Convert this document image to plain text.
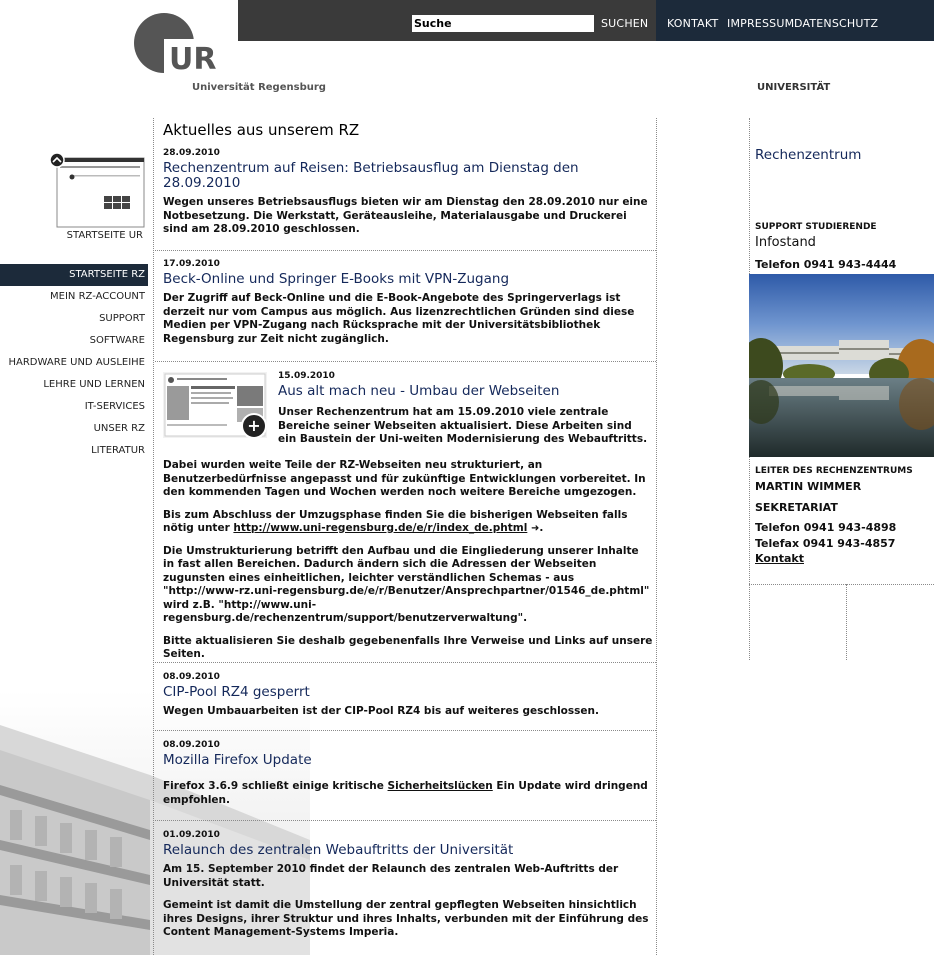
Suche
SUCHEN KONTAKT IMPRESSUM DATENSCHUTZ
UR
Universität Regensburg	UNIVERSITÄT
STARTSEITE UR
STARTSEITE RZ
MEIN RZ-ACCOUNT
SUPPORT
SOFTWARE
HARDWARE UND AUSLEIHE
LEHRE UND LERNEN
IT-SERVICES
UNSER RZ
LITERATUR
Aktuelles aus unserem RZ
28.09.2010
Rechenzentrum auf Reisen: Betriebsausflug am Dienstag den 28.09.2010
Wegen unseres Betriebsausflugs bieten wir am Dienstag den 28.09.2010 nur eine Notbesetzung. Die Werkstatt, Geräteausleihe, Materialausgabe und Druckerei sind am 28.09.2010 geschlossen.
17.09.2010
Beck-Online und Springer E-Books mit VPN-Zugang
Der Zugriff auf Beck-Online und die E-Book-Angebote des Springerverlags ist derzeit nur vom Campus aus möglich. Aus lizenzrechtlichen Gründen sind diese Medien per VPN-Zugang nach Rücksprache mit der Universitätsbibliothek Regensburg zur Zeit nicht zugänglich.
+
15.09.2010
Aus alt mach neu - Umbau der Webseiten
Unser Rechenzentrum hat am 15.09.2010 viele zentrale Bereiche seiner Webseiten aktualisiert. Diese Arbeiten sind ein Baustein der Uni-weiten Modernisierung des Webauftritts.
Dabei wurden weite Teile der RZ-Webseiten neu strukturiert, an Benutzerbedürfnisse angepasst und für zukünftige Entwicklungen vorbereitet. In den kommenden Tagen und Wochen werden noch weitere Bereiche umgezogen.
Bis zum Abschluss der Umzugsphase finden Sie die bisherigen Webseiten falls nötig unter http://www.uni-regensburg.de/e/r/index_de.phtml ➜.
Die Umstrukturierung betrifft den Aufbau und die Eingliederung unserer Inhalte in fast allen Bereichen. Dadurch ändern sich die Adressen der Webseiten zugunsten eines einheitlichen, leichter verständlichen Schemas - aus "http://www-rz.uni-regensburg.de/e/r/Benutzer/Ansprechpartner/01546_de.phtml" wird z.B. "http://www.uni-regensburg.de/rechenzentrum/support/benutzerverwaltung".
Bitte aktualisieren Sie deshalb gegebenenfalls Ihre Verweise und Links auf unsere Seiten.
08.09.2010
CIP-Pool RZ4 gesperrt
Wegen Umbauarbeiten ist der CIP-Pool RZ4 bis auf weiteres geschlossen.
08.09.2010
Mozilla Firefox Update
Firefox 3.6.9 schließt einige kritische Sicherheitslücken Ein Update wird dringend empfohlen.
01.09.2010
Relaunch des zentralen Webauftritts der Universität
Am 15. September 2010 findet der Relaunch des zentralen Web-Auftritts der Universität statt.
Gemeint ist damit die Umstellung der zentral gepflegten Webseiten hinsichtlich ihres Designs, ihrer Struktur und ihres Inhalts, verbunden mit der Einführung des Content Management-Systems Imperia.
Rechenzentrum
SUPPORT STUDIERENDE
Infostand
Telefon 0941 943-4444
LEITER DES RECHENZENTRUMS
MARTIN WIMMER
SEKRETARIAT
Telefon 0941 943-4898
Telefax 0941 943-4857
Kontakt
